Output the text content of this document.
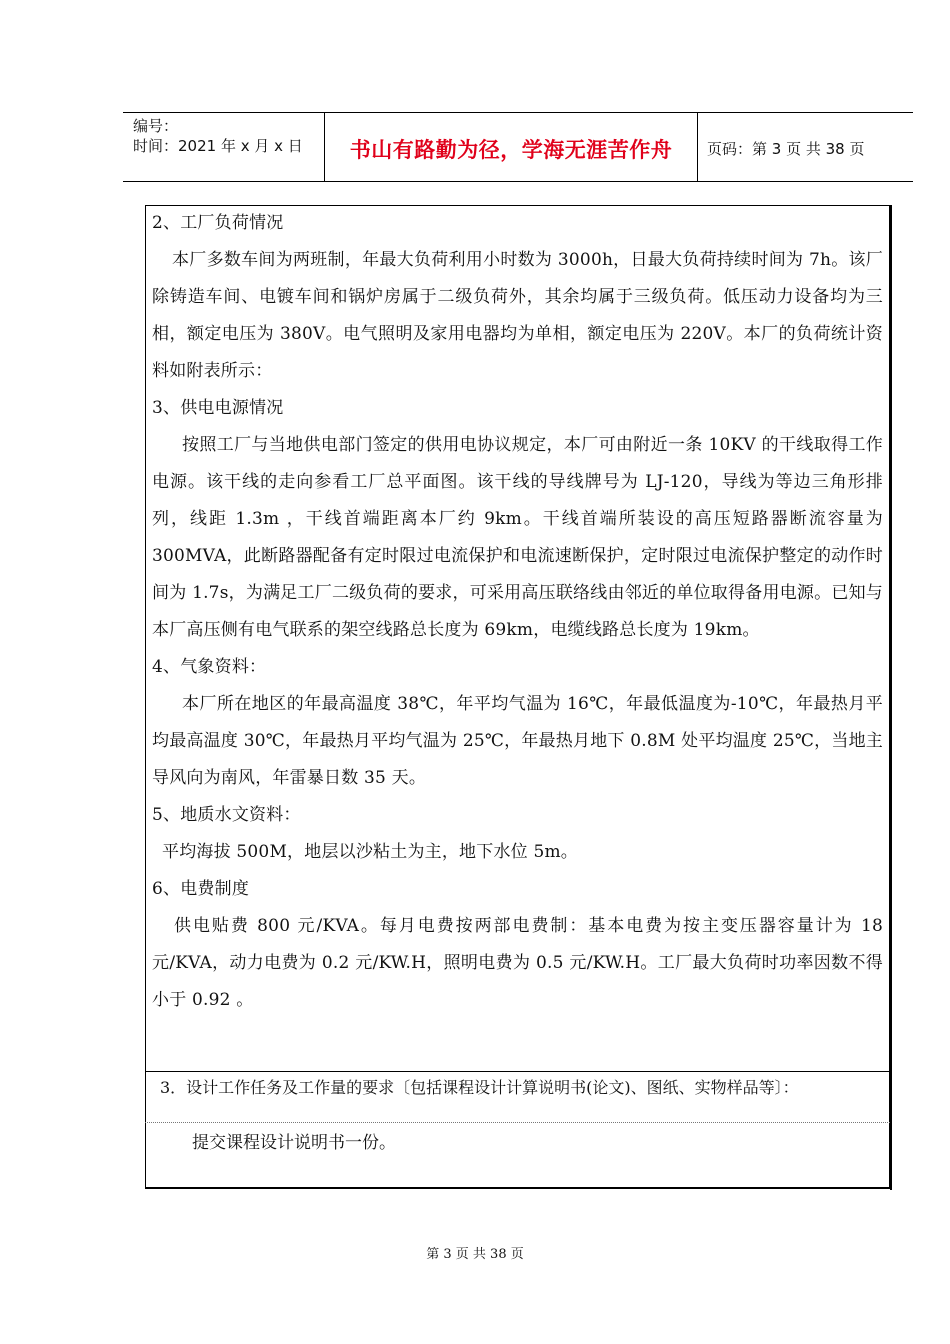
编号：
时间：2021 年 x 月 x 日	书山有路勤为径，学海无涯苦作舟	页码：第 3 页 共 38 页

2、工厂负荷情况

本厂多数车间为两班制，年最大负荷利用小时数为 3000h，日最大负荷持续时间为 7h。该厂除铸造车间、电镀车间和锅炉房属于二级负荷外，其余均属于三级负荷。低压动力设备均为三相，额定电压为 380V。电气照明及家用电器均为单相，额定电压为 220V。本厂的负荷统计资料如附表所示：

3、供电电源情况

按照工厂与当地供电部门签定的供用电协议规定，本厂可由附近一条 10KV 的干线取得工作电源。该干线的走向参看工厂总平面图。该干线的导线牌号为 LJ-120，导线为等边三角形排列，线距 1.3m ，干线首端距离本厂约 9km。干线首端所装设的高压短路器断流容量为 300MVA，此断路器配备有定时限过电流保护和电流速断保护，定时限过电流保护整定的动作时间为 1.7s，为满足工厂二级负荷的要求，可采用高压联络线由邻近的单位取得备用电源。已知与本厂高压侧有电气联系的架空线路总长度为 69km，电缆线路总长度为 19km。

4、气象资料：

本厂所在地区的年最高温度 38℃，年平均气温为 16℃，年最低温度为-10℃，年最热月平均最高温度 30℃，年最热月平均气温为 25℃，年最热月地下 0.8M 处平均温度 25℃，当地主导风向为南风，年雷暴日数 35 天。

5、地质水文资料：

平均海拔 500M，地层以沙粘土为主，地下水位 5m。

6、电费制度

供电贴费 800 元/KVA。每月电费按两部电费制：基本电费为按主变压器容量计为 18 元/KVA，动力电费为 0.2 元/KW.H，照明电费为 0.5 元/KW.H。工厂最大负荷时功率因数不得小于 0.92 。

3．设计工作任务及工作量的要求〔包括课程设计计算说明书(论文)、图纸、实物样品等〕：
提交课程设计说明书一份。
第 3 页 共 38 页
